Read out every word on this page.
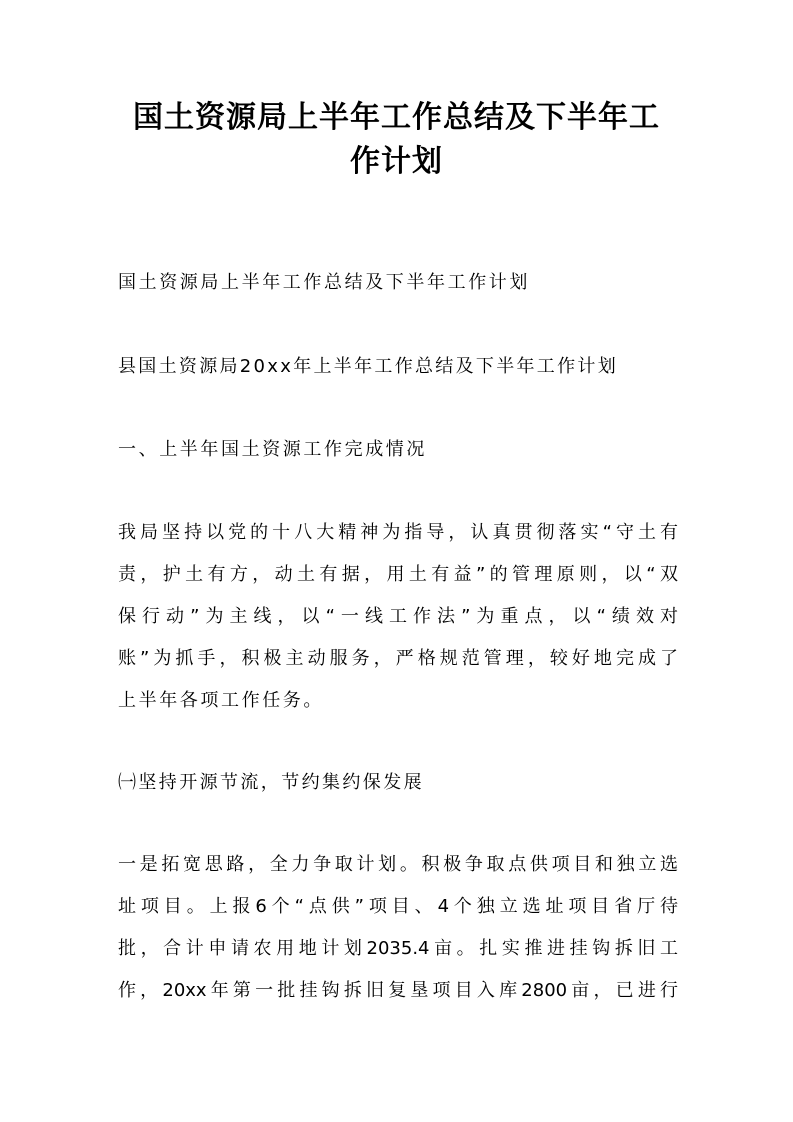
国土资源局上半年工作总结及下半年工
作计划

国土资源局上半年工作总结及下半年工作计划

县国土资源局20xx年上半年工作总结及下半年工作计划

一、上半年国土资源工作完成情况

我局坚持以党的十八大精神为指导，认真贯彻落实“守土有

责，护土有方，动土有据，用土有益”的管理原则，以“双

保行动”为主线，以“一线工作法”为重点，以“绩效对

账”为抓手，积极主动服务，严格规范管理，较好地完成了

上半年各项工作任务。

㈠坚持开源节流，节约集约保发展

一是拓宽思路，全力争取计划。积极争取点供项目和独立选

址项目。上报6个“点供”项目、4个独立选址项目省厅待

批，合计申请农用地计划2035.4亩。扎实推进挂钩拆旧工

作，20xx年第一批挂钩拆旧复垦项目入库2800亩，已进行
